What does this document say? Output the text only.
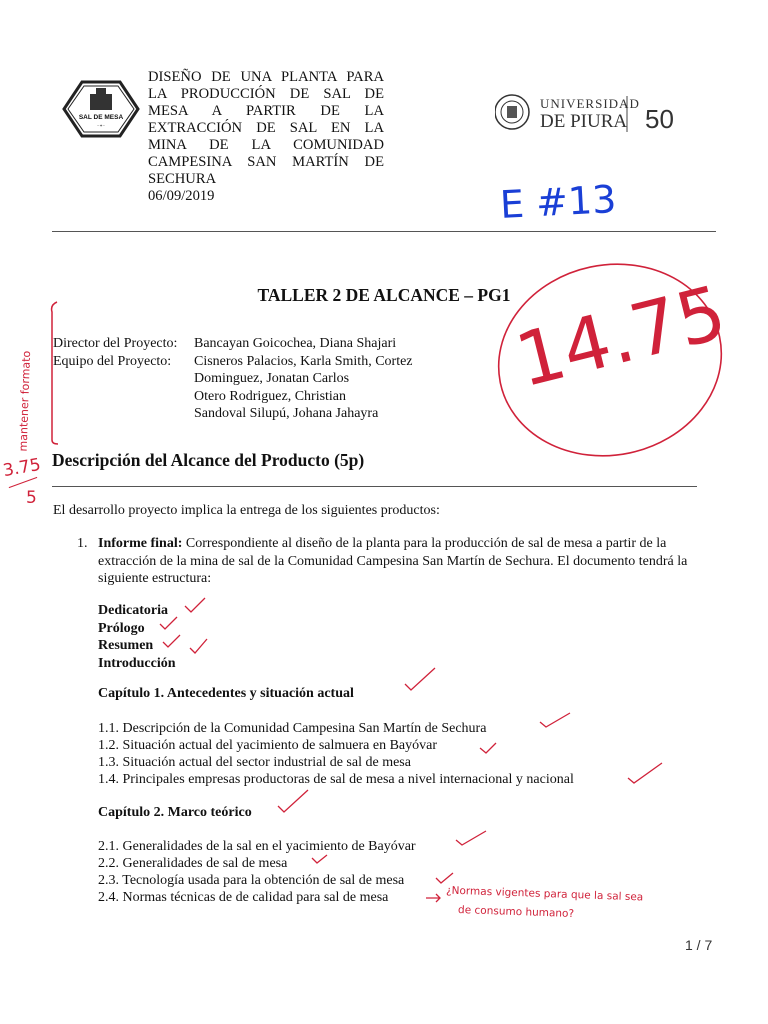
SAL DE MESA
~✦~
DISEÑO DE UNA PLANTA PARA
LA PRODUCCIÓN DE SAL DE
MESA A PARTIR DE LA
EXTRACCIÓN DE SAL EN LA
MINA DE LA COMUNIDAD
CAMPESINA SAN MARTÍN DE
SECHURA
06/09/2019
UNIVERSIDAD
DE PIURA 50
TALLER 2 DE ALCANCE – PG1
Director del Proyecto: Bancayan Goicochea, Diana Shajari
Equipo del Proyecto: Cisneros Palacios, Karla Smith, Cortez
Dominguez, Jonatan Carlos
Otero Rodriguez, Christian
Sandoval Silupú, Johana Jahayra
Descripción del Alcance del Producto (5p)
El desarrollo proyecto implica la entrega de los siguientes productos:
1. Informe final: Correspondiente al diseño de la planta para la producción de sal de mesa a partir de la extracción de la mina de sal de la Comunidad Campesina San Martín de Sechura. El documento tendrá la siguiente estructura:
Dedicatoria
Prólogo
Resumen
Introducción
Capítulo 1. Antecedentes y situación actual
1.1. Descripción de la Comunidad Campesina San Martín de Sechura
1.2. Situación actual del yacimiento de salmuera en Bayóvar
1.3. Situación actual del sector industrial de sal de mesa
1.4. Principales empresas productoras de sal de mesa a nivel internacional y nacional
Capítulo 2. Marco teórico
2.1. Generalidades de la sal en el yacimiento de Bayóvar
2.2. Generalidades de sal de mesa
2.3. Tecnología usada para la obtención de sal de mesa
2.4. Normas técnicas de de calidad para sal de mesa
1 / 7
E #13
14.75
3.75
5
mantener formato
¿Normas vigentes para que la sal sea
de consumo humano?
